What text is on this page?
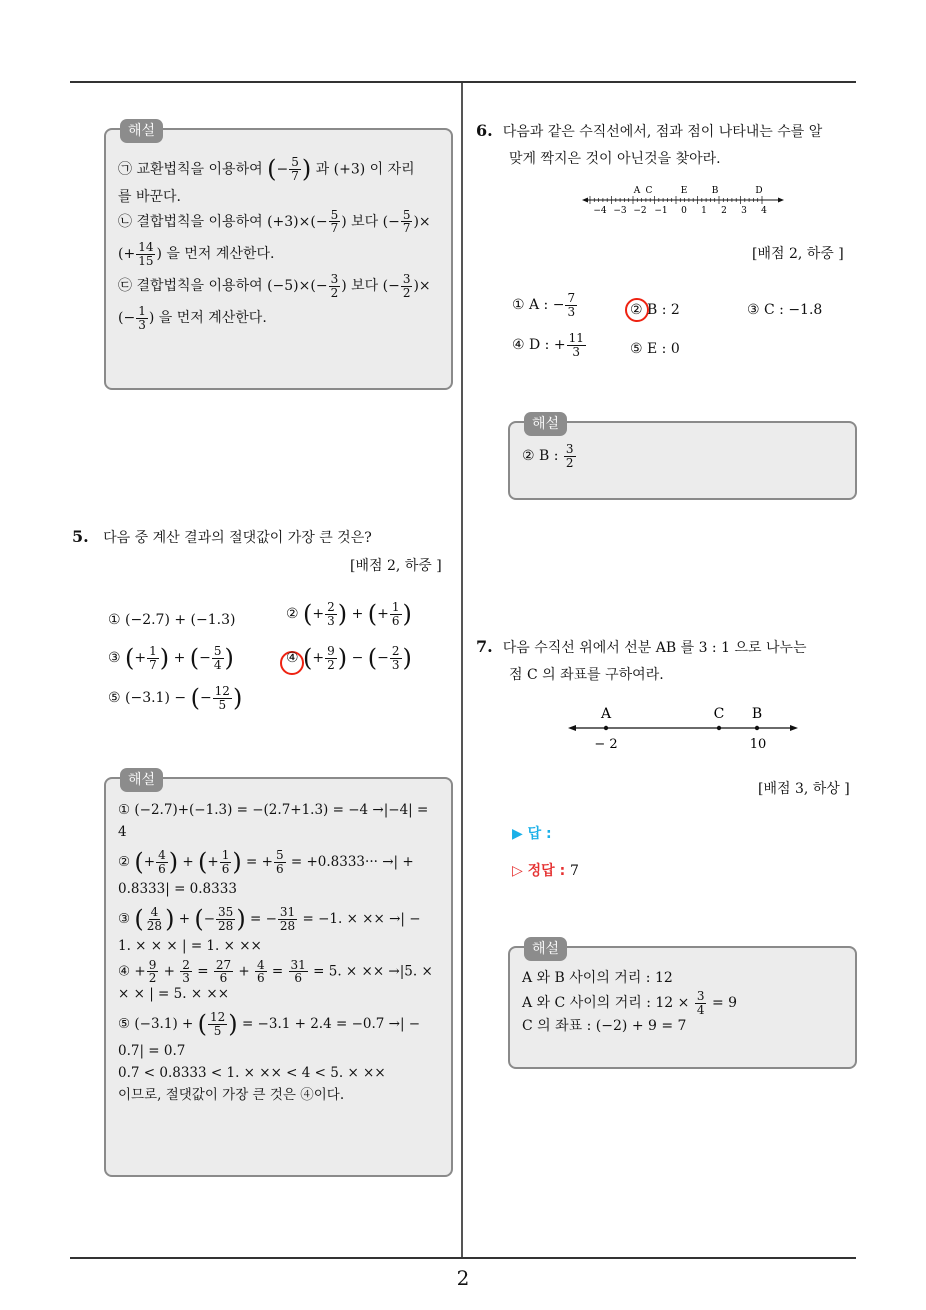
해설
㉠ 교환법칙을 이용하여 (− $\frac{5}{7}$ ) 과 (+3) 이 자리
를 바꾼다.
㉡ 결합법칙을 이용하여 $(+3)\times(- \frac{5}{7}$ ) 보다 (− $\frac{5}{7}$ )×
(+ $\frac{14}{15}$ ) 을 먼저 계산한다.
㉢ 결합법칙을 이용하여 $(-5)\times(- \frac{3}{2}$ ) 보다 (− $\frac{3}{2}$ )×
(− $\frac{1}{3}$ ) 을 먼저 계산한다.
5. 다음 중 계산 결과의 절댓값이 가장 큰 것은?
[배점 2, 하중 ]
① (−2.7) + (−1.3)	② (+ $\frac{2}{3}$ ) + (+ $\frac{1}{6}$ )
③ (+ $\frac{1}{7}$ ) + (− $\frac{5}{4}$ )	④ (+ $\frac{9}{2}$ ) − (− $\frac{2}{3}$ )
⑤ (−3.1) − (− $\frac{12}{5}$ )
해설
① (−2.7)+(−1.3) = −(2.7+1.3) = −4 →|−4| =
4
② (+ $\frac{4}{6}$ ) + (+ $\frac{1}{6}$ ) = + $\frac{5}{6} = +0.8333\cdot\cdot\cdot$ →| +
0.8333| = 0.8333
③ ( $\frac{4}{28}$ ) + (− $\frac{35}{28}$ ) = − $\frac{31}{28} = -1$. × ×× →| −
1. × × × | = 1. × ××
④ + $\frac{9}{2} + \frac{2}{3} = \frac{27}{6} + \frac{4}{6} = \frac{31}{6} = 5$. × ×× →|5. ×
× × | = 5. × ××
⑤ (−3.1) + ( $\frac{12}{5}$ ) = −3.1 + 2.4 = −0.7 →| −
0.7| = 0.7
0.7 < 0.8333 < 1. × ×× < 4 < 5. × ××
이므로, 절댓값이 가장 큰 것은 ④이다.
6. 다음과 같은 수직선에서, 점과 점이 나타내는 수를 알
맞게 짝지은 것이 아닌것을 찾아라.
A C	E	B	D
−4 −3 −2 −1 0 1 2 3 4
[배점 2, 하중 ]
① A : − $\frac{7}{3}$	② B : 2	③ C : −1.8
④ D : + $\frac{11}{3}$	⑤ E : 0
해설
② B : $\frac{3}{2}$
7. 다음 수직선 위에서 선분 AB 를 3 : 1 으로 나누는
점 C 의 좌표를 구하여라.
A	C B
− 2	10
[배점 3, 하상 ]
▶ 답 :
▷ 정답 : 7
해설
A 와 B 사이의 거리 : 12
A 와 C 사이의 거리 : $12 \times \frac{3}{4} = 9$
C 의 좌표 : (−2) + 9 = 7
2
